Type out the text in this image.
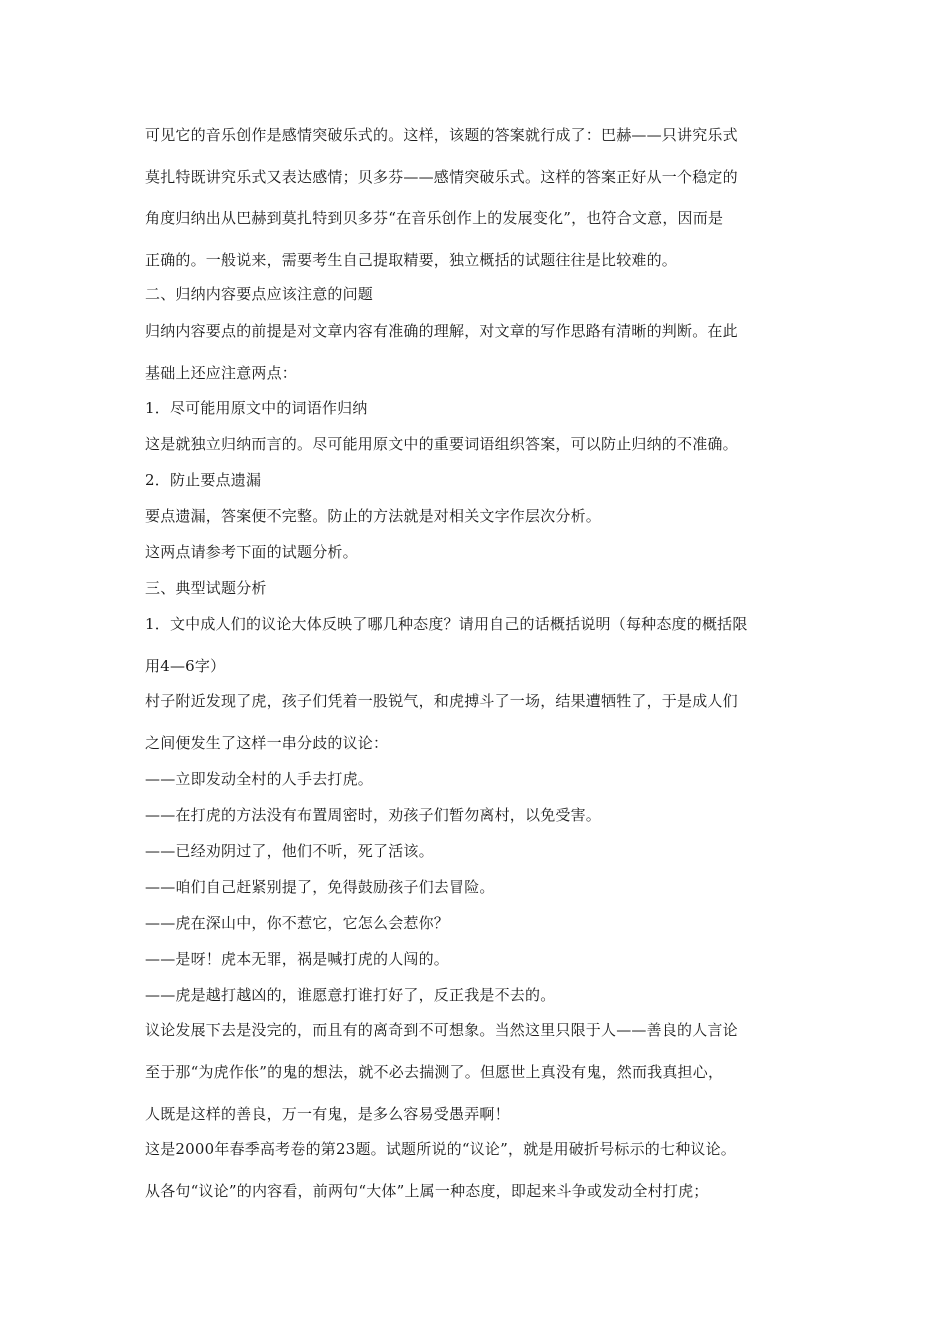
可见它的音乐创作是感情突破乐式的。这样，该题的答案就行成了：巴赫——只讲究乐式
莫扎特既讲究乐式又表达感情；贝多芬——感情突破乐式。这样的答案正好从一个稳定的
角度归纳出从巴赫到莫扎特到贝多芬“在音乐创作上的发展变化”，也符合文意，因而是
正确的。一般说来，需要考生自己提取精要，独立概括的试题往往是比较难的。
二、归纳内容要点应该注意的问题
归纳内容要点的前提是对文章内容有准确的理解，对文章的写作思路有清晰的判断。在此
基础上还应注意两点：
1．尽可能用原文中的词语作归纳
这是就独立归纳而言的。尽可能用原文中的重要词语组织答案，可以防止归纳的不准确。
2．防止要点遗漏
要点遗漏，答案便不完整。防止的方法就是对相关文字作层次分析。
这两点请参考下面的试题分析。
三、典型试题分析
1．文中成人们的议论大体反映了哪几种态度？请用自己的话概括说明（每种态度的概括限
用4—6字）
村子附近发现了虎，孩子们凭着一股锐气，和虎搏斗了一场，结果遭牺牲了，于是成人们
之间便发生了这样一串分歧的议论：
——立即发动全村的人手去打虎。
——在打虎的方法没有布置周密时，劝孩子们暂勿离村，以免受害。
——已经劝阴过了，他们不听，死了活该。
——咱们自己赶紧别提了，免得鼓励孩子们去冒险。
——虎在深山中，你不惹它，它怎么会惹你？
——是呀！虎本无罪，祸是喊打虎的人闯的。
——虎是越打越凶的，谁愿意打谁打好了，反正我是不去的。
议论发展下去是没完的，而且有的离奇到不可想象。当然这里只限于人——善良的人言论
至于那“为虎作伥”的鬼的想法，就不必去揣测了。但愿世上真没有鬼，然而我真担心，
人既是这样的善良，万一有鬼，是多么容易受愚弄啊！
这是2000年春季高考卷的第23题。试题所说的“议论”，就是用破折号标示的七种议论。
从各句“议论”的内容看，前两句“大体”上属一种态度，即起来斗争或发动全村打虎；
